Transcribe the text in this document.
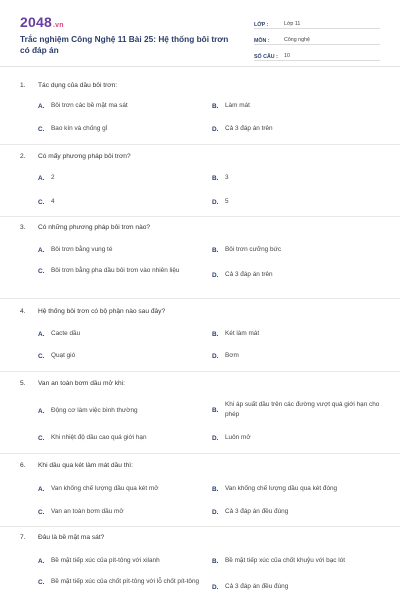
2048.vn
Trắc nghiệm Công Nghệ 11 Bài 25: Hệ thống bôi trơn có đáp án
LỚP :	Lớp 11
MÔN :	Công nghệ
SỐ CÂU :	10
1. Tác dụng của dầu bôi trơn:
A.	Bôi trơn các bề mặt ma sát	B.	Làm mát
C.	Bao kín và chống gỉ	D.	Cả 3 đáp án trên
2. Có mấy phương pháp bôi trơn?
A.	2	B.	3
C.	4	D.	5
3. Có những phương pháp bôi trơn nào?
A.	Bôi trơn bằng vung té	B.	Bôi trơn cưỡng bức
C.	Bôi trơn bằng pha dầu bôi trơn vào nhiên liệu
D.	Cả 3 đáp án trên
4. Hệ thống bôi trơn có bộ phận nào sau đây?
A.	Cacte dầu	B.	Két làm mát
C.	Quạt gió	D.	Bơm
5. Van an toàn bơm dầu mở khi:
A.	Động cơ làm việc bình thường	B.
Khi áp suất dầu trên các đường vượt quá giới hạn cho phép
C.	Khi nhiệt độ dầu cao quá giới hạn	D.	Luôn mở
6. Khi dầu qua két làm mát dầu thì:
A.	Van khống chế lượng dầu qua két mở	B.	Van khống chế lượng dầu qua két đóng
C.	Van an toàn bơm dầu mở	D.	Cả 3 đáp án đều đúng
7. Đâu là bề mặt ma sát?
A.	Bề mặt tiếp xúc của pít-tông với xilanh	B.	Bề mặt tiếp xúc của chốt khuỷu với bạc lót
C.	Bề mặt tiếp xúc của chốt pít-tông với lỗ chốt pít-tông
D.	Cả 3 đáp án đều đúng
